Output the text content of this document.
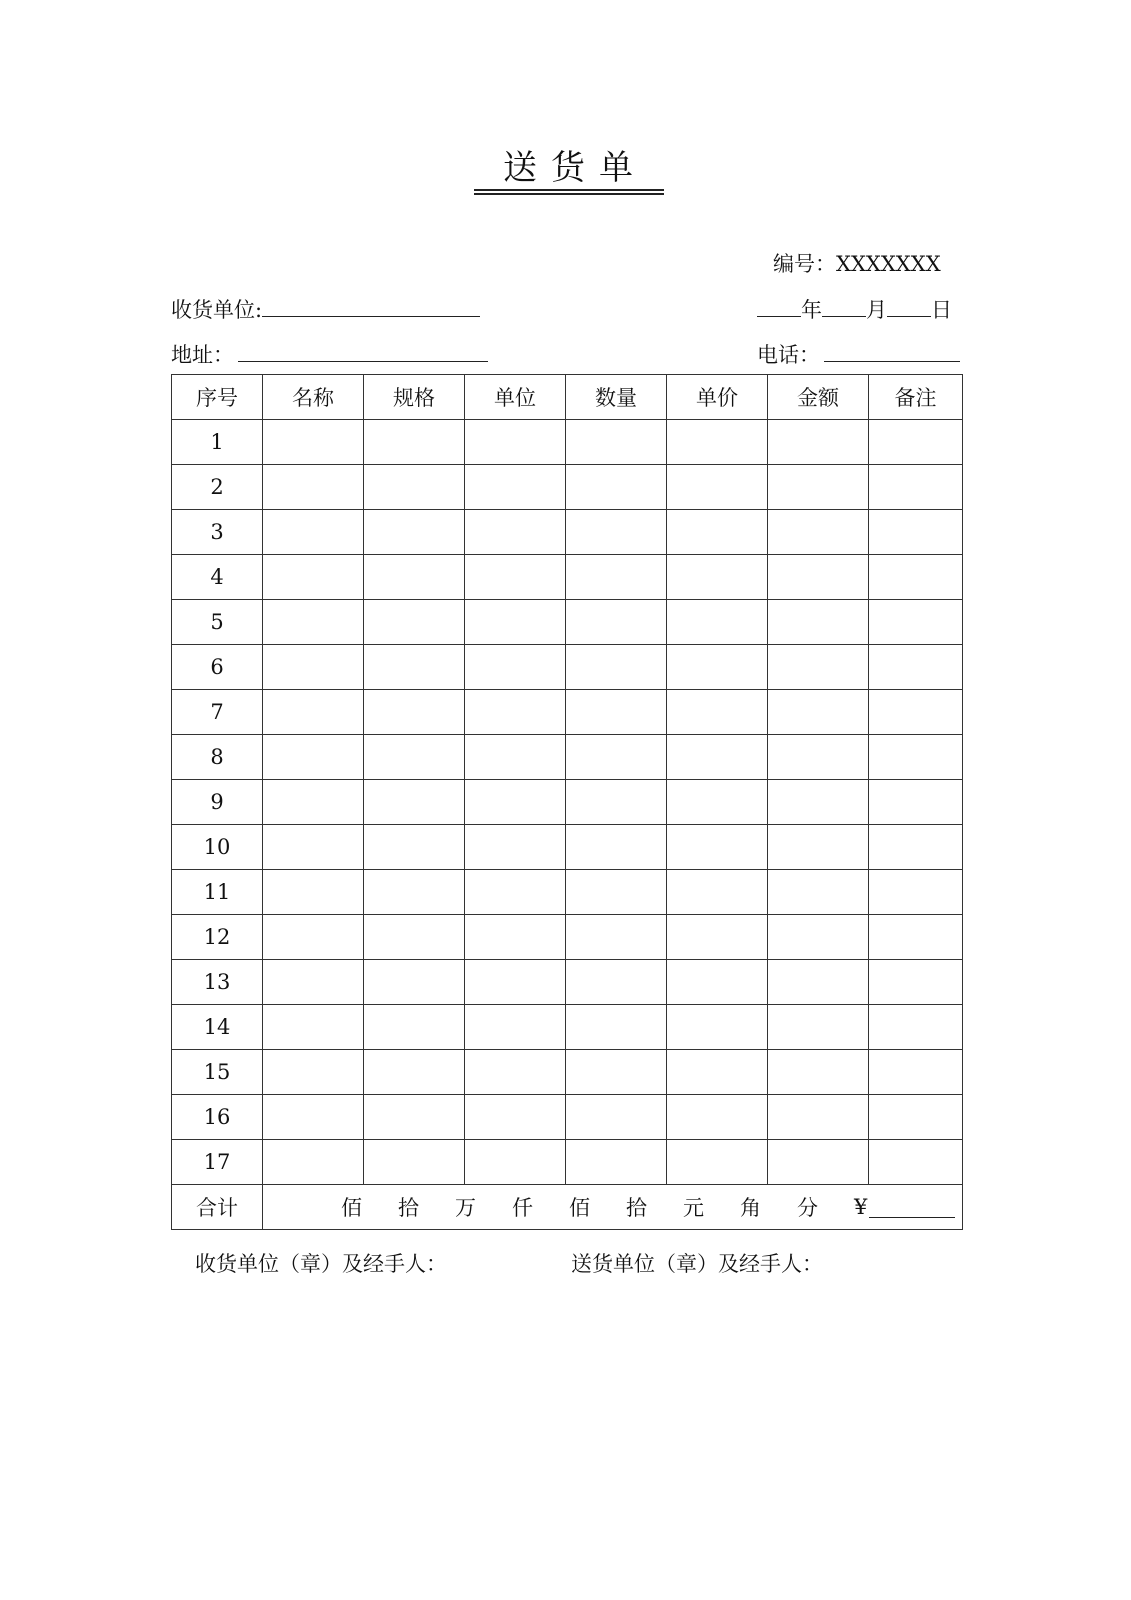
送货单
编号：XXXXXXX
收货单位:	年 月 日
地址：	电话：
序号	名称	规格	单位	数量	单价	金额	备注
1							
2							
3							
4							
5							
6							
7							
8							
9							
10							
11							
12							
13							
14							
15							
16							
17							
合计	佰	拾	万	仟	佰	拾	元	角	分	¥
收货单位（章）及经手人：	送货单位（章）及经手人：
